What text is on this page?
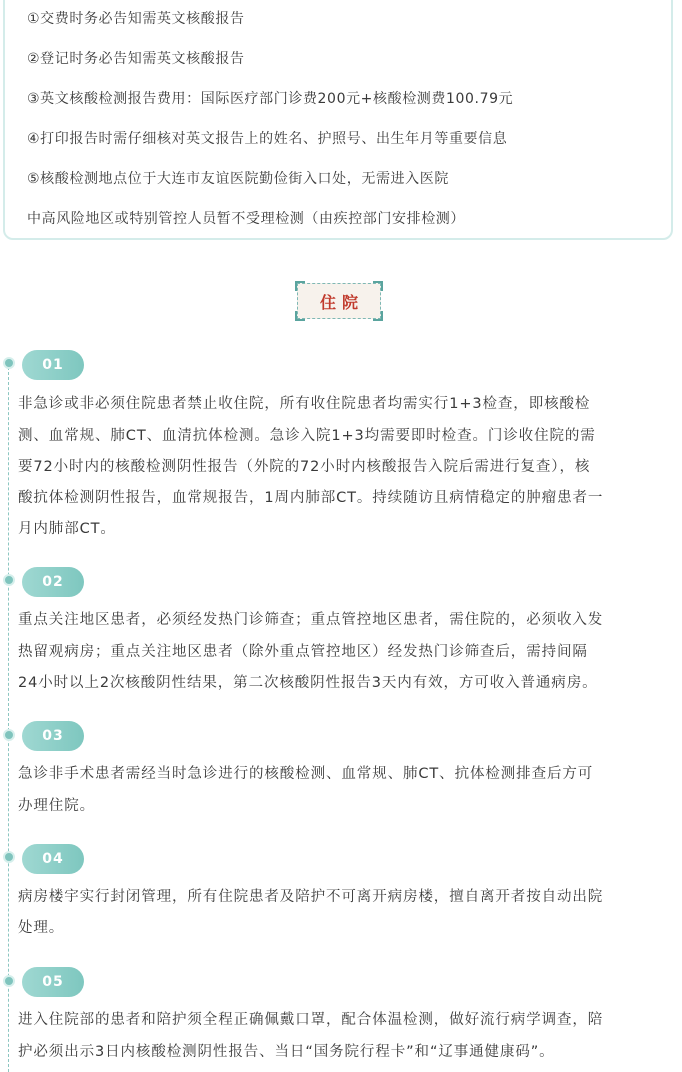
①交费时务必告知需英文核酸报告
②登记时务必告知需英文核酸报告
③英文核酸检测报告费用：国际医疗部门诊费200元+核酸检测费100.79元
④打印报告时需仔细核对英文报告上的姓名、护照号、出生年月等重要信息
⑤核酸检测地点位于大连市友谊医院勤俭街入口处，无需进入医院
中高风险地区或特别管控人员暂不受理检测（由疾控部门安排检测）
住院
01
非急诊或非必须住院患者禁止收住院，所有收住院患者均需实行1+3检查，即核酸检
测、血常规、肺CT、血清抗体检测。急诊入院1+3均需要即时检查。门诊收住院的需
要72小时内的核酸检测阴性报告（外院的72小时内核酸报告入院后需进行复查），核
酸抗体检测阴性报告，血常规报告，1周内肺部CT。持续随访且病情稳定的肿瘤患者一
月内肺部CT。
02
重点关注地区患者，必须经发热门诊筛查；重点管控地区患者，需住院的，必须收入发
热留观病房；重点关注地区患者（除外重点管控地区）经发热门诊筛查后，需持间隔
24小时以上2次核酸阴性结果，第二次核酸阴性报告3天内有效，方可收入普通病房。
03
急诊非手术患者需经当时急诊进行的核酸检测、血常规、肺CT、抗体检测排查后方可
办理住院。
04
病房楼宇实行封闭管理，所有住院患者及陪护不可离开病房楼，擅自离开者按自动出院
处理。
05
进入住院部的患者和陪护须全程正确佩戴口罩，配合体温检测，做好流行病学调查，陪
护必须出示3日内核酸检测阴性报告、当日“国务院行程卡”和“辽事通健康码”。
